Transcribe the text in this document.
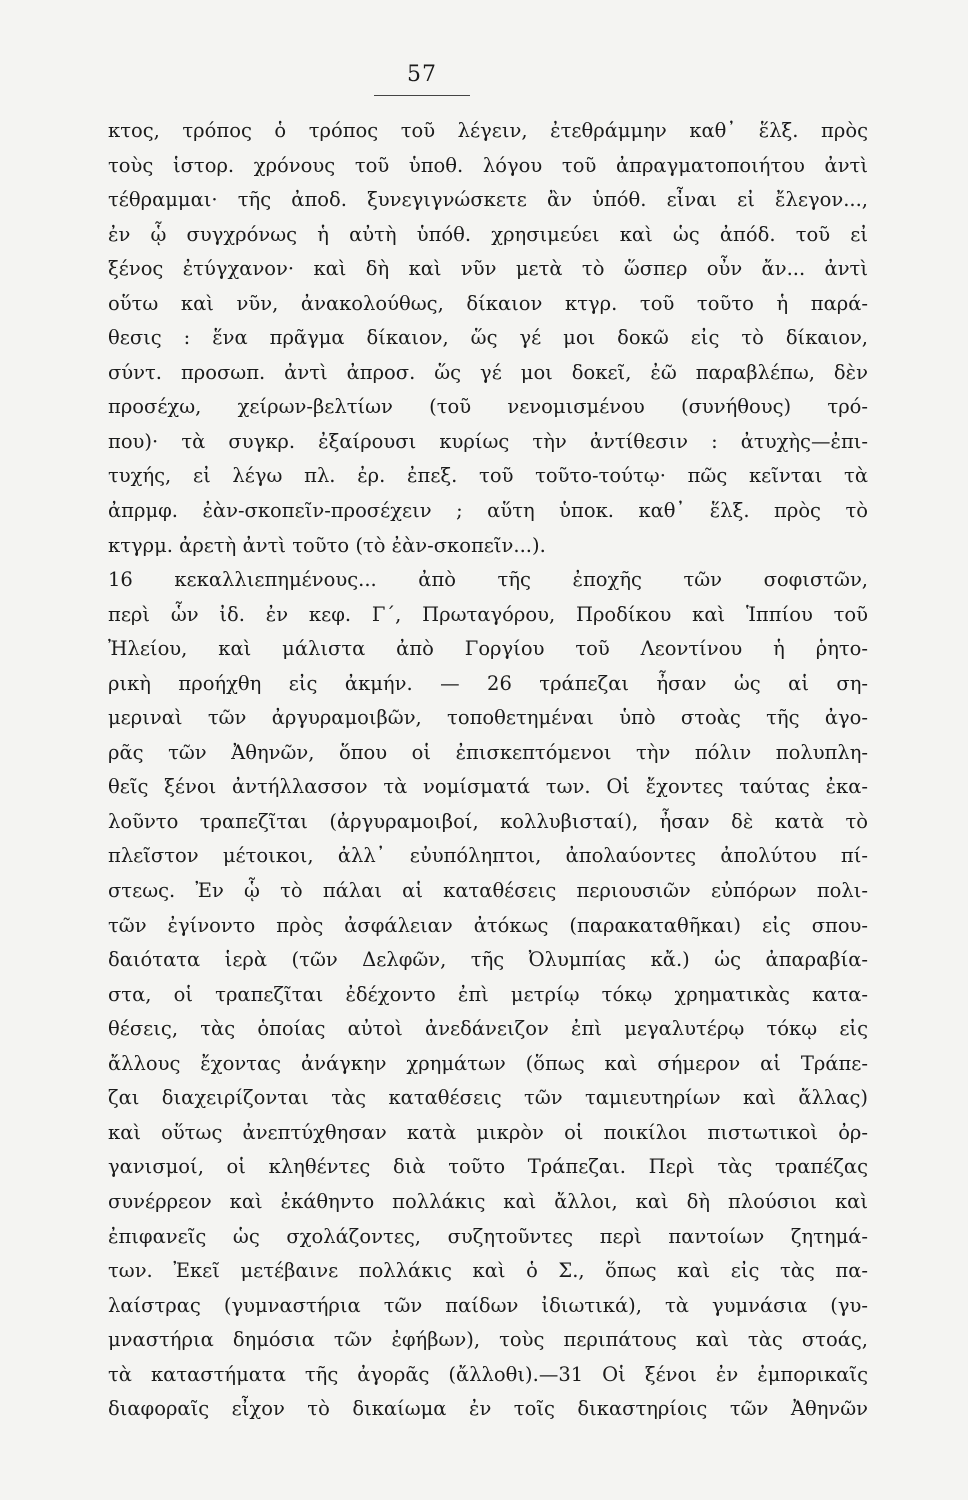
57
κτος, τρόπος ὁ τρόπος τοῦ λέγειν, ἐτεθράμμην καθ᾽ ἕλξ. πρὸς
τοὺς ἱστορ. χρόνους τοῦ ὑποθ. λόγου τοῦ ἀπραγματοποιήτου ἀντὶ
τέθραμμαι· τῆς ἀποδ. ξυνεγιγνώσκετε ἂν ὑπόθ. εἶναι εἰ ἔλεγον...,
ἐν ᾧ συγχρόνως ἡ αὐτὴ ὑπόθ. χρησιμεύει καὶ ὡς ἀπόδ. τοῦ εἰ
ξένος ἐτύγχανον· καὶ δὴ καὶ νῦν μετὰ τὸ ὥσπερ οὖν ἄν... ἀντὶ
οὕτω καὶ νῦν, ἀνακολούθως, δίκαιον κτγρ. τοῦ τοῦτο ἡ παρά-
θεσις : ἕνα πρᾶγμα δίκαιον, ὥς γέ μοι δοκῶ εἰς τὸ δίκαιον,
σύντ. προσωπ. ἀντὶ ἀπροσ. ὥς γέ μοι δοκεῖ, ἐῶ παραβλέπω, δὲν
προσέχω, χείρων-βελτίων (τοῦ νενομισμένου (συνήθους) τρό-
που)· τὰ συγκρ. ἐξαίρουσι κυρίως τὴν ἀντίθεσιν : ἀτυχὴς—ἐπι-
τυχής, εἰ λέγω πλ. ἐρ. ἐπεξ. τοῦ τοῦτο-τούτῳ· πῶς κεῖνται τὰ
ἀπρμφ. ἐὰν-σκοπεῖν-προσέχειν ; αὕτη ὑποκ. καθ᾽ ἕλξ. πρὸς τὸ
κτγρμ. ἀρετὴ ἀντὶ τοῦτο (τὸ ἐὰν-σκοπεῖν...).
16 κεκαλλιεπημένους... ἀπὸ τῆς ἐποχῆς τῶν σοφιστῶν,
περὶ ὧν ἰδ. ἐν κεφ. Γ΄, Πρωταγόρου, Προδίκου καὶ Ἱππίου τοῦ
Ἠλείου, καὶ μάλιστα ἀπὸ Γοργίου τοῦ Λεοντίνου ἡ ῥητο-
ρικὴ προήχθη εἰς ἀκμήν. — 26 τράπεζαι ἦσαν ὡς αἱ ση-
μεριναὶ τῶν ἀργυραμοιβῶν, τοποθετημέναι ὑπὸ στοὰς τῆς ἀγο-
ρᾶς τῶν Ἀθηνῶν, ὅπου οἱ ἐπισκεπτόμενοι τὴν πόλιν πολυπλη-
θεῖς ξένοι ἀντήλλασσον τὰ νομίσματά των. Οἱ ἔχοντες ταύτας ἐκα-
λοῦντο τραπεζῖται (ἀργυραμοιβοί, κολλυβισταί), ἦσαν δὲ κατὰ τὸ
πλεῖστον μέτοικοι, ἀλλ᾽ εὐυπόληπτοι, ἀπολαύοντες ἀπολύτου πί-
στεως. Ἐν ᾧ τὸ πάλαι αἱ καταθέσεις περιουσιῶν εὐπόρων πολι-
τῶν ἐγίνοντο πρὸς ἀσφάλειαν ἀτόκως (παρακαταθῆκαι) εἰς σπου-
δαιότατα ἱερὰ (τῶν Δελφῶν, τῆς Ὀλυμπίας κἄ.) ὡς ἀπαραβία-
στα, οἱ τραπεζῖται ἐδέχοντο ἐπὶ μετρίῳ τόκῳ χρηματικὰς κατα-
θέσεις, τὰς ὁποίας αὐτοὶ ἀνεδάνειζον ἐπὶ μεγαλυτέρῳ τόκῳ εἰς
ἄλλους ἔχοντας ἀνάγκην χρημάτων (ὅπως καὶ σήμερον αἱ Τράπε-
ζαι διαχειρίζονται τὰς καταθέσεις τῶν ταμιευτηρίων καὶ ἄλλας)
καὶ οὕτως ἀνεπτύχθησαν κατὰ μικρὸν οἱ ποικίλοι πιστωτικοὶ ὀρ-
γανισμοί, οἱ κληθέντες διὰ τοῦτο Τράπεζαι. Περὶ τὰς τραπέζας
συνέρρεον καὶ ἐκάθηντο πολλάκις καὶ ἄλλοι, καὶ δὴ πλούσιοι καὶ
ἐπιφανεῖς ὡς σχολάζοντες, συζητοῦντες περὶ παντοίων ζητημά-
των. Ἐκεῖ μετέβαινε πολλάκις καὶ ὁ Σ., ὅπως καὶ εἰς τὰς πα-
λαίστρας (γυμναστήρια τῶν παίδων ἰδιωτικά), τὰ γυμνάσια (γυ-
μναστήρια δημόσια τῶν ἐφήβων), τοὺς περιπάτους καὶ τὰς στοάς,
τὰ καταστήματα τῆς ἀγορᾶς (ἄλλοθι).—31 Οἱ ξένοι ἐν ἐμπορικαῖς
διαφοραῖς εἶχον τὸ δικαίωμα ἐν τοῖς δικαστηρίοις τῶν Ἀθηνῶν
